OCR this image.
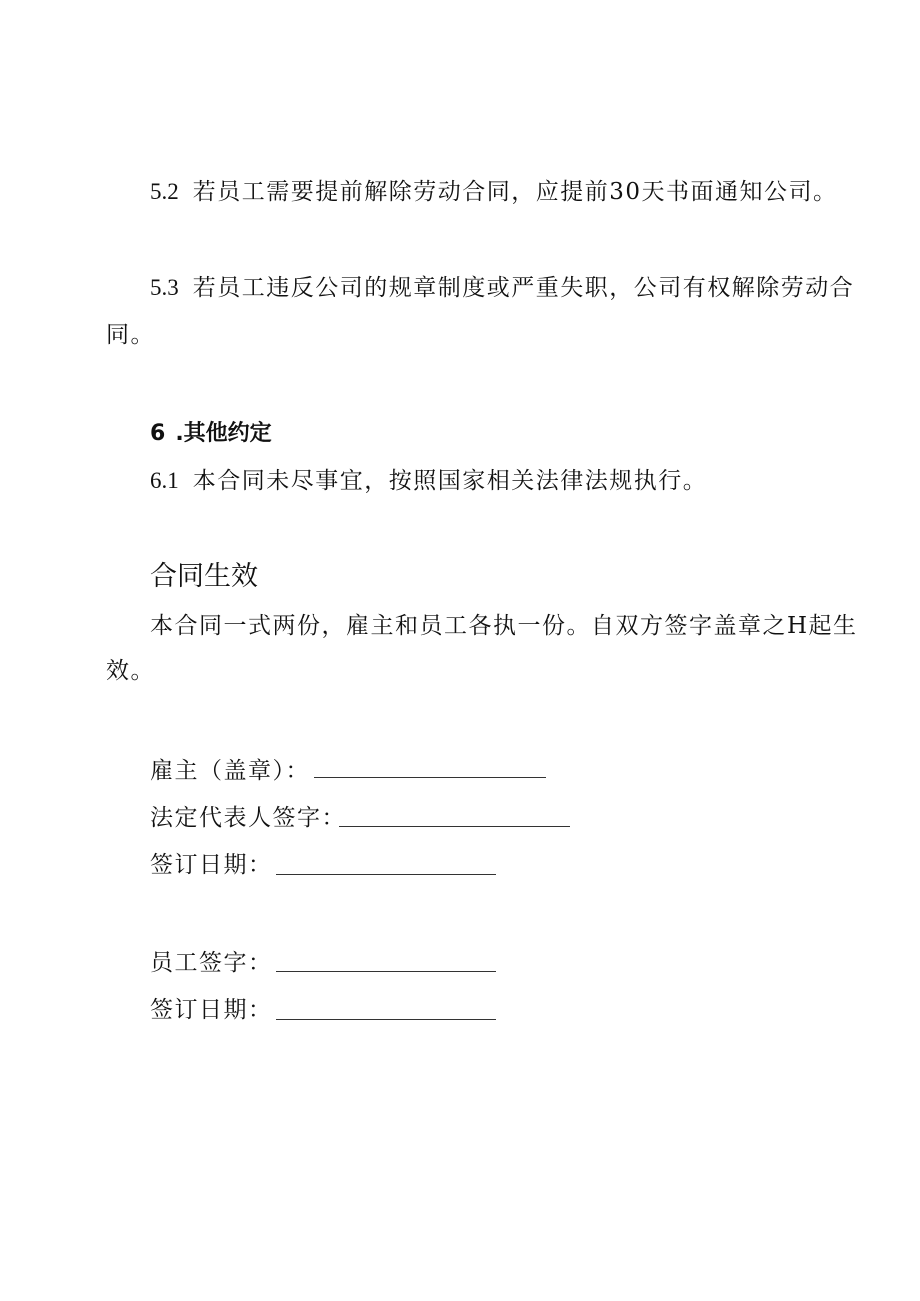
5.2 若员工需要提前解除劳动合同，应提前30天书面通知公司。
5.3 若员工违反公司的规章制度或严重失职，公司有权解除劳动合
同。
6 .其他约定
6.1 本合同未尽事宜，按照国家相关法律法规执行。
合同生效
本合同一式两份，雇主和员工各执一份。自双方签字盖章之H起生
效。
雇主（盖章）：
法定代表人签字：
签订日期：
员工签字：
签订日期：
